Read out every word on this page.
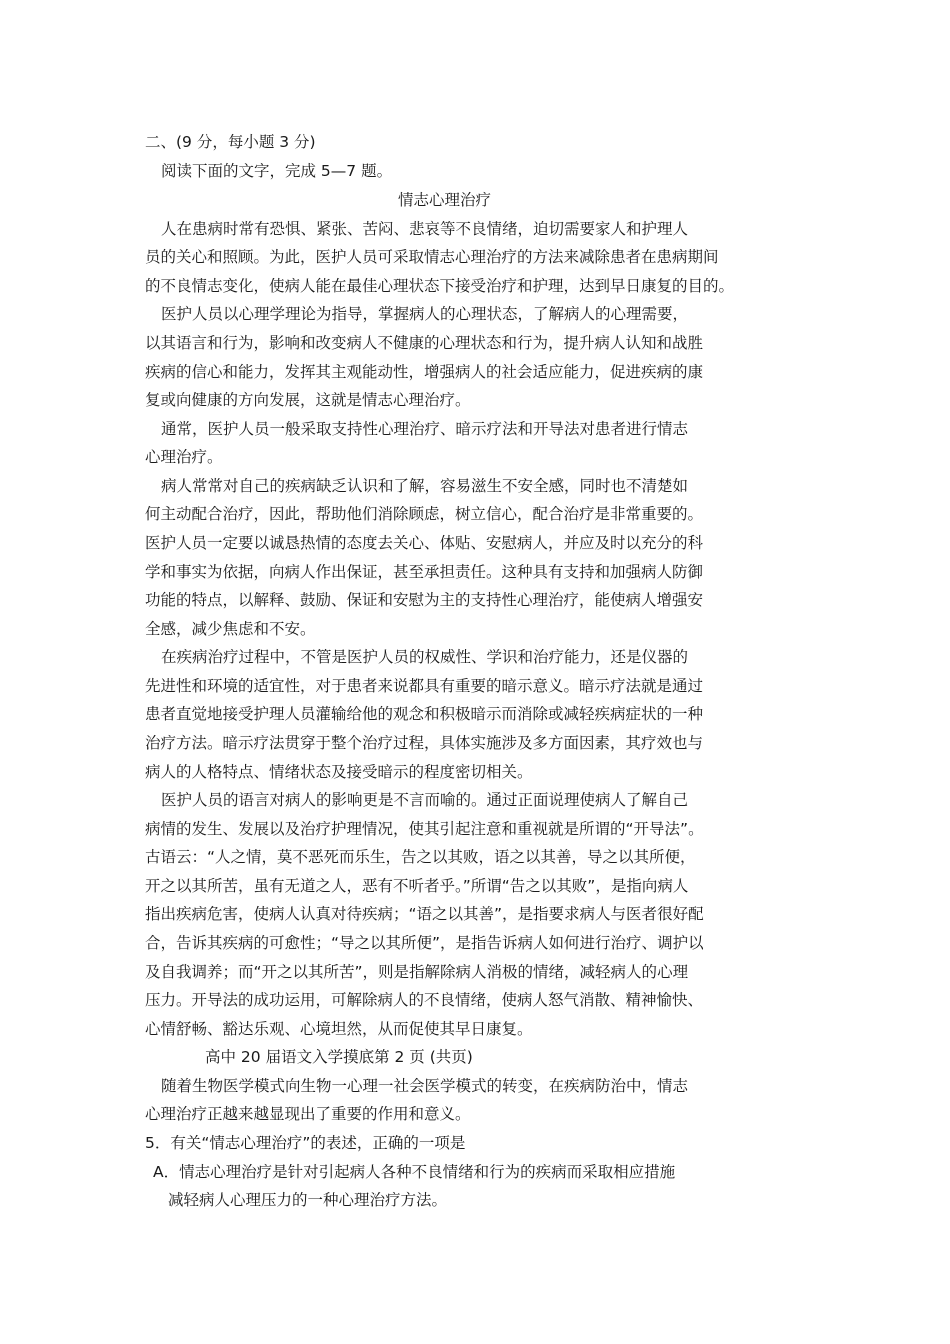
二、(9 分，每小题 3 分)
阅读下面的文字，完成 5—7 题。
情志心理治疗
人在患病时常有恐惧、紧张、苦闷、悲哀等不良情绪，迫切需要家人和护理人
员的关心和照顾。为此，医护人员可采取情志心理治疗的方法来减除患者在患病期间
的不良情志变化，使病人能在最佳心理状态下接受治疗和护理，达到早日康复的目的。
医护人员以心理学理论为指导，掌握病人的心理状态，了解病人的心理需要，
以其语言和行为，影响和改变病人不健康的心理状态和行为，提升病人认知和战胜
疾病的信心和能力，发挥其主观能动性，增强病人的社会适应能力，促进疾病的康
复或向健康的方向发展，这就是情志心理治疗。
通常，医护人员一般采取支持性心理治疗、暗示疗法和开导法对患者进行情志
心理治疗。
病人常常对自己的疾病缺乏认识和了解，容易滋生不安全感，同时也不清楚如
何主动配合治疗，因此，帮助他们消除顾虑，树立信心，配合治疗是非常重要的。
医护人员一定要以诚恳热情的态度去关心、体贴、安慰病人，并应及时以充分的科
学和事实为依据，向病人作出保证，甚至承担责任。这种具有支持和加强病人防御
功能的特点，以解释、鼓励、保证和安慰为主的支持性心理治疗，能使病人增强安
全感，减少焦虑和不安。
在疾病治疗过程中，不管是医护人员的权威性、学识和治疗能力，还是仪器的
先进性和环境的适宜性，对于患者来说都具有重要的暗示意义。暗示疗法就是通过
患者直觉地接受护理人员灌输给他的观念和积极暗示而消除或减轻疾病症状的一种
治疗方法。暗示疗法贯穿于整个治疗过程，具体实施涉及多方面因素，其疗效也与
病人的人格特点、情绪状态及接受暗示的程度密切相关。
医护人员的语言对病人的影响更是不言而喻的。通过正面说理使病人了解自己
病情的发生、发展以及治疗护理情况，使其引起注意和重视就是所谓的“开导法”。
古语云：“人之情，莫不恶死而乐生，告之以其败，语之以其善，导之以其所便，
开之以其所苦，虽有无道之人，恶有不听者乎。”所谓“告之以其败”，是指向病人
指出疾病危害，使病人认真对待疾病；“语之以其善”，是指要求病人与医者很好配
合，告诉其疾病的可愈性；“导之以其所便”，是指告诉病人如何进行治疗、调护以
及自我调养；而“开之以其所苦”，则是指解除病人消极的情绪，减轻病人的心理
压力。开导法的成功运用，可解除病人的不良情绪，使病人怒气消散、精神愉快、
心情舒畅、豁达乐观、心境坦然，从而促使其早日康复。
高中 20 届语文入学摸底第 2 页 (共页)
随着生物医学模式向生物一心理一社会医学模式的转变，在疾病防治中，情志
心理治疗正越来越显现出了重要的作用和意义。
5．有关“情志心理治疗”的表述，正确的一项是
A．情志心理治疗是针对引起病人各种不良情绪和行为的疾病而采取相应措施
减轻病人心理压力的一种心理治疗方法。
